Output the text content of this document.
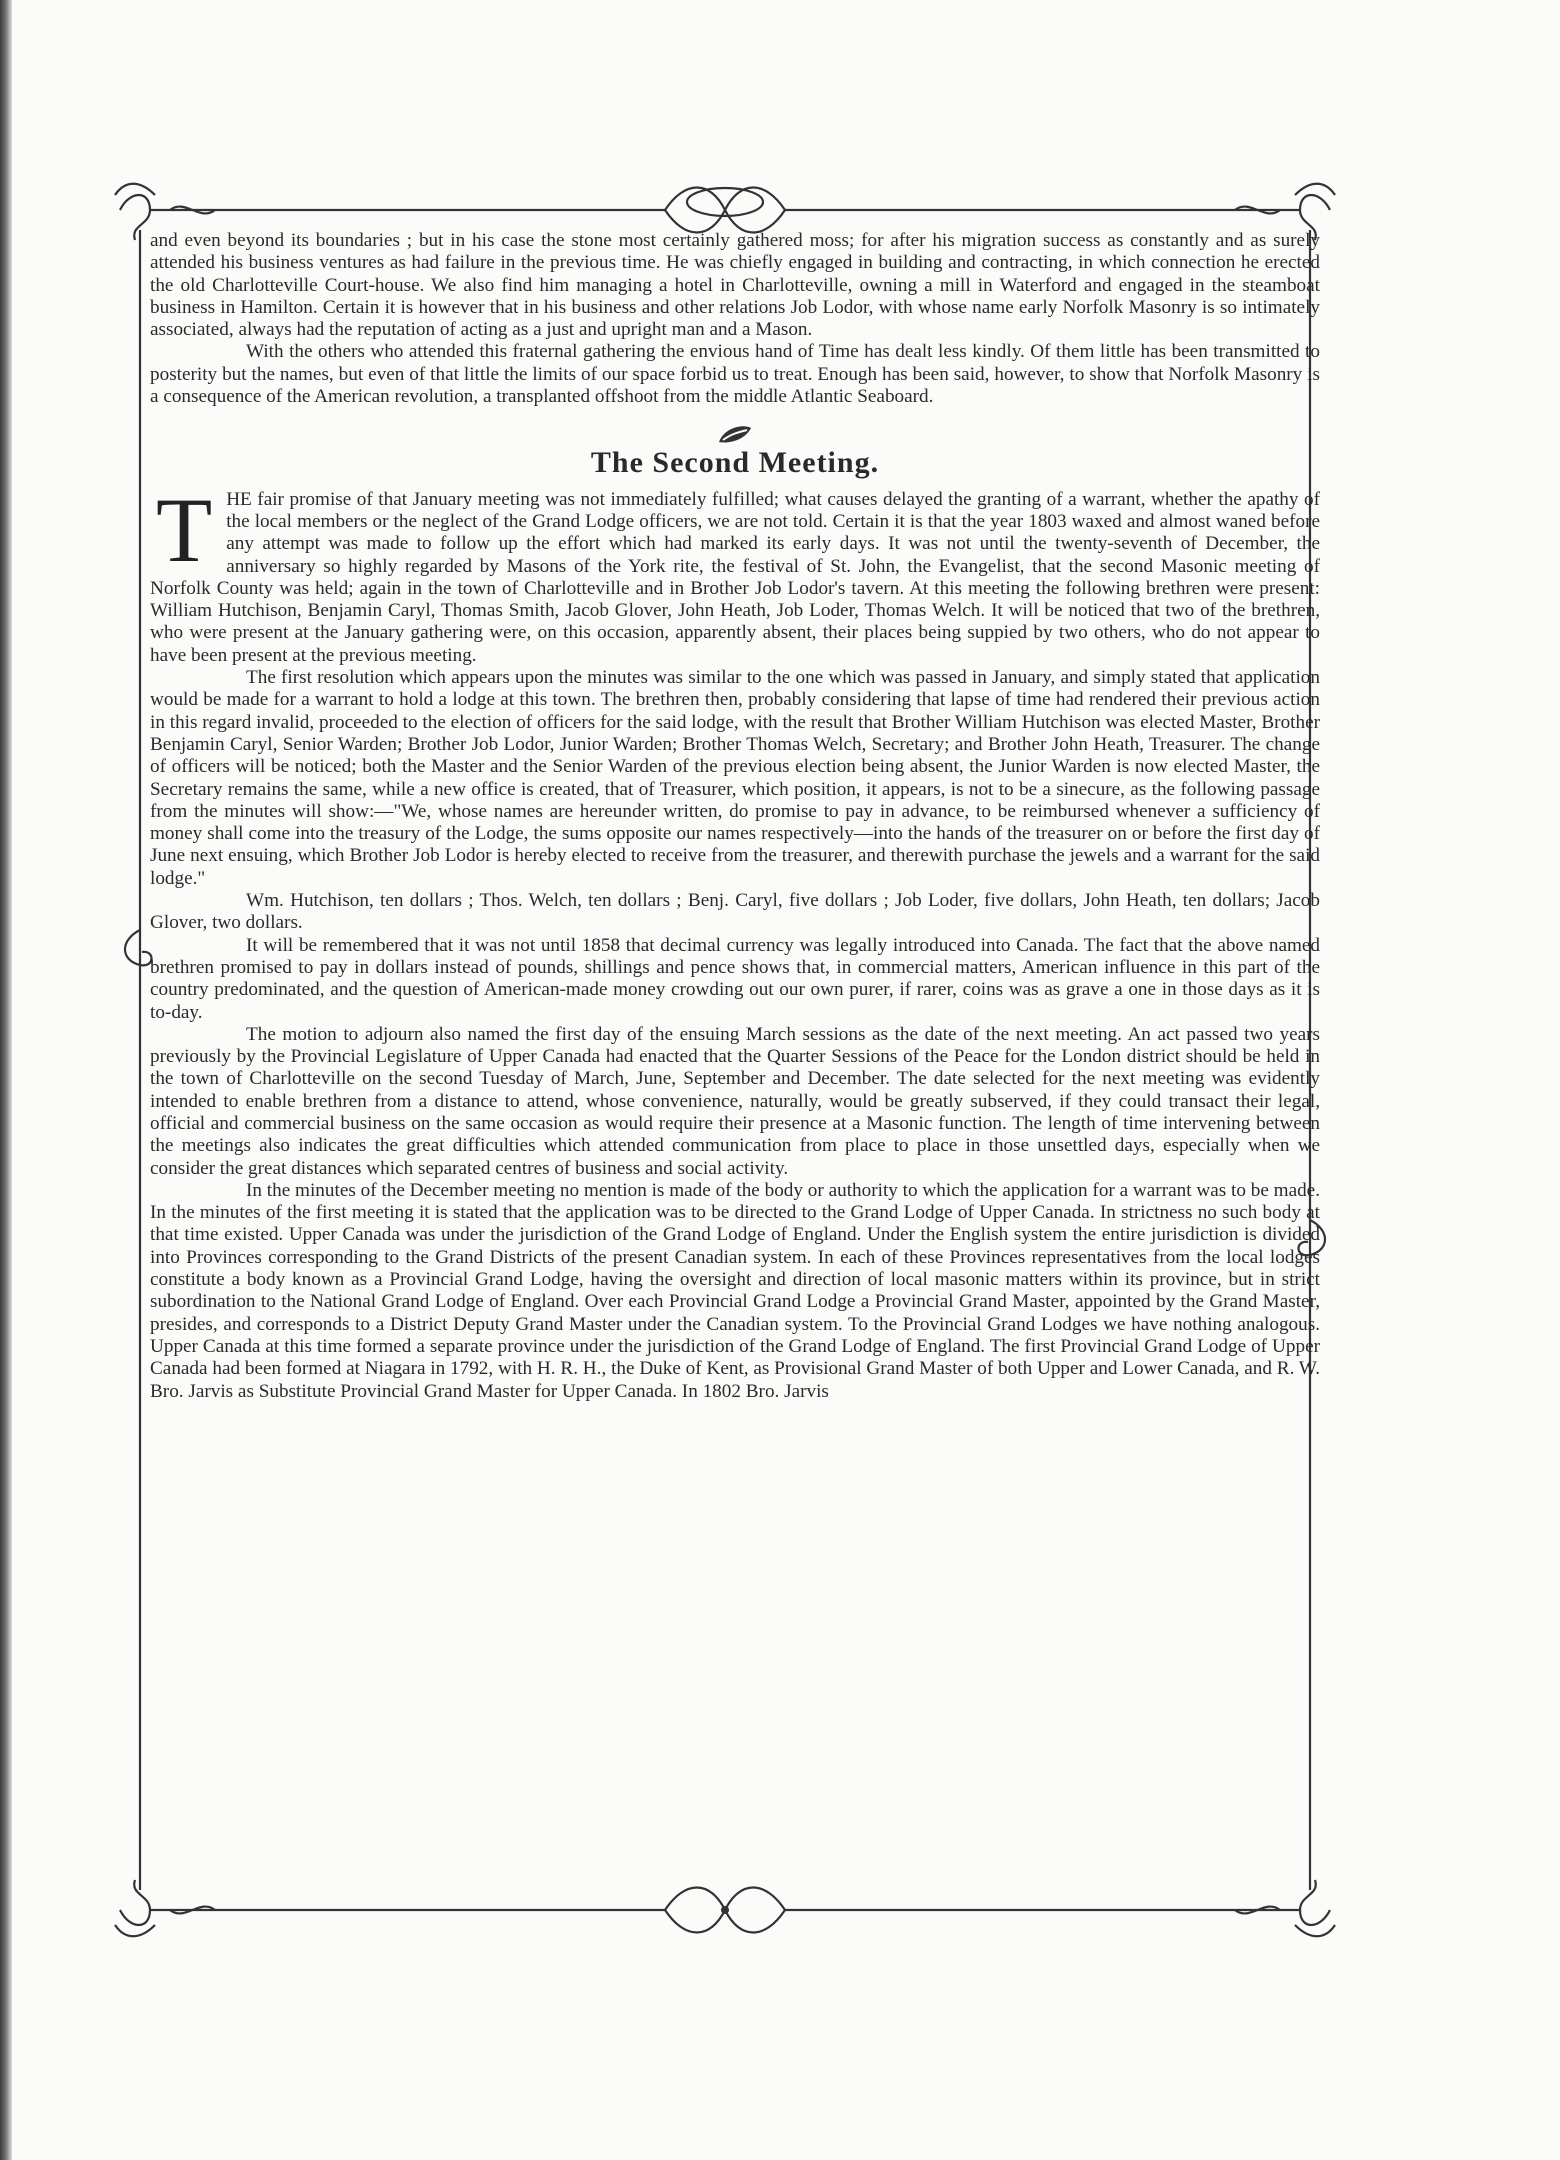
and even beyond its boundaries ; but in his case the stone most certainly gathered moss; for after his migration success as constantly and as surely attended his business ventures as had failure in the previous time. He was chiefly engaged in building and contracting, in which connection he erected the old Charlotteville Court-house. We also find him managing a hotel in Charlotteville, owning a mill in Waterford and engaged in the steamboat business in Hamilton. Certain it is however that in his business and other relations Job Lodor, with whose name early Norfolk Masonry is so intimately associated, always had the reputation of acting as a just and upright man and a Mason.

With the others who attended this fraternal gathering the envious hand of Time has dealt less kindly. Of them little has been transmitted to posterity but the names, but even of that little the limits of our space forbid us to treat. Enough has been said, however, to show that Norfolk Masonry is a consequence of the American revolution, a transplanted offshoot from the middle Atlantic Seaboard.

The Second Meeting.

THE fair promise of that January meeting was not immediately fulfilled; what causes delayed the granting of a warrant, whether the apathy of the local members or the neglect of the Grand Lodge officers, we are not told. Certain it is that the year 1803 waxed and almost waned before any attempt was made to follow up the effort which had marked its early days. It was not until the twenty-seventh of December, the anniversary so highly regarded by Masons of the York rite, the festival of St. John, the Evangelist, that the second Masonic meeting of Norfolk County was held; again in the town of Charlotteville and in Brother Job Lodor's tavern. At this meeting the following brethren were present: William Hutchison, Benjamin Caryl, Thomas Smith, Jacob Glover, John Heath, Job Loder, Thomas Welch. It will be noticed that two of the brethren, who were present at the January gathering were, on this occasion, apparently absent, their places being suppied by two others, who do not appear to have been present at the previous meeting.

The first resolution which appears upon the minutes was similar to the one which was passed in January, and simply stated that application would be made for a warrant to hold a lodge at this town. The brethren then, probably considering that lapse of time had rendered their previous action in this regard invalid, proceeded to the election of officers for the said lodge, with the result that Brother William Hutchison was elected Master, Brother Benjamin Caryl, Senior Warden; Brother Job Lodor, Junior Warden; Brother Thomas Welch, Secretary; and Brother John Heath, Treasurer. The change of officers will be noticed; both the Master and the Senior Warden of the previous election being absent, the Junior Warden is now elected Master, the Secretary remains the same, while a new office is created, that of Treasurer, which position, it appears, is not to be a sinecure, as the following passage from the minutes will show:—"We, whose names are hereunder written, do promise to pay in advance, to be reimbursed whenever a sufficiency of money shall come into the treasury of the Lodge, the sums opposite our names respectively—into the hands of the treasurer on or before the first day of June next ensuing, which Brother Job Lodor is hereby elected to receive from the treasurer, and therewith purchase the jewels and a warrant for the said lodge."

Wm. Hutchison, ten dollars ; Thos. Welch, ten dollars ; Benj. Caryl, five dollars ; Job Loder, five dollars, John Heath, ten dollars; Jacob Glover, two dollars.

It will be remembered that it was not until 1858 that decimal currency was legally introduced into Canada. The fact that the above named brethren promised to pay in dollars instead of pounds, shillings and pence shows that, in commercial matters, American influence in this part of the country predominated, and the question of American-made money crowding out our own purer, if rarer, coins was as grave a one in those days as it is to-day.

The motion to adjourn also named the first day of the ensuing March sessions as the date of the next meeting. An act passed two years previously by the Provincial Legislature of Upper Canada had enacted that the Quarter Sessions of the Peace for the London district should be held in the town of Charlotteville on the second Tuesday of March, June, September and December. The date selected for the next meeting was evidently intended to enable brethren from a distance to attend, whose convenience, naturally, would be greatly subserved, if they could transact their legal, official and commercial business on the same occasion as would require their presence at a Masonic function. The length of time intervening between the meetings also indicates the great difficulties which attended communication from place to place in those unsettled days, especially when we consider the great distances which separated centres of business and social activity.

In the minutes of the December meeting no mention is made of the body or authority to which the application for a warrant was to be made. In the minutes of the first meeting it is stated that the application was to be directed to the Grand Lodge of Upper Canada. In strictness no such body at that time existed. Upper Canada was under the jurisdiction of the Grand Lodge of England. Under the English system the entire jurisdiction is divided into Provinces corresponding to the Grand Districts of the present Canadian system. In each of these Provinces representatives from the local lodges constitute a body known as a Provincial Grand Lodge, having the oversight and direction of local masonic matters within its province, but in strict subordination to the National Grand Lodge of England. Over each Provincial Grand Lodge a Provincial Grand Master, appointed by the Grand Master, presides, and corresponds to a District Deputy Grand Master under the Canadian system. To the Provincial Grand Lodges we have nothing analogous. Upper Canada at this time formed a separate province under the jurisdiction of the Grand Lodge of England. The first Provincial Grand Lodge of Upper Canada had been formed at Niagara in 1792, with H. R. H., the Duke of Kent, as Provisional Grand Master of both Upper and Lower Canada, and R. W. Bro. Jarvis as Substitute Provincial Grand Master for Upper Canada. In 1802 Bro. Jarvis
